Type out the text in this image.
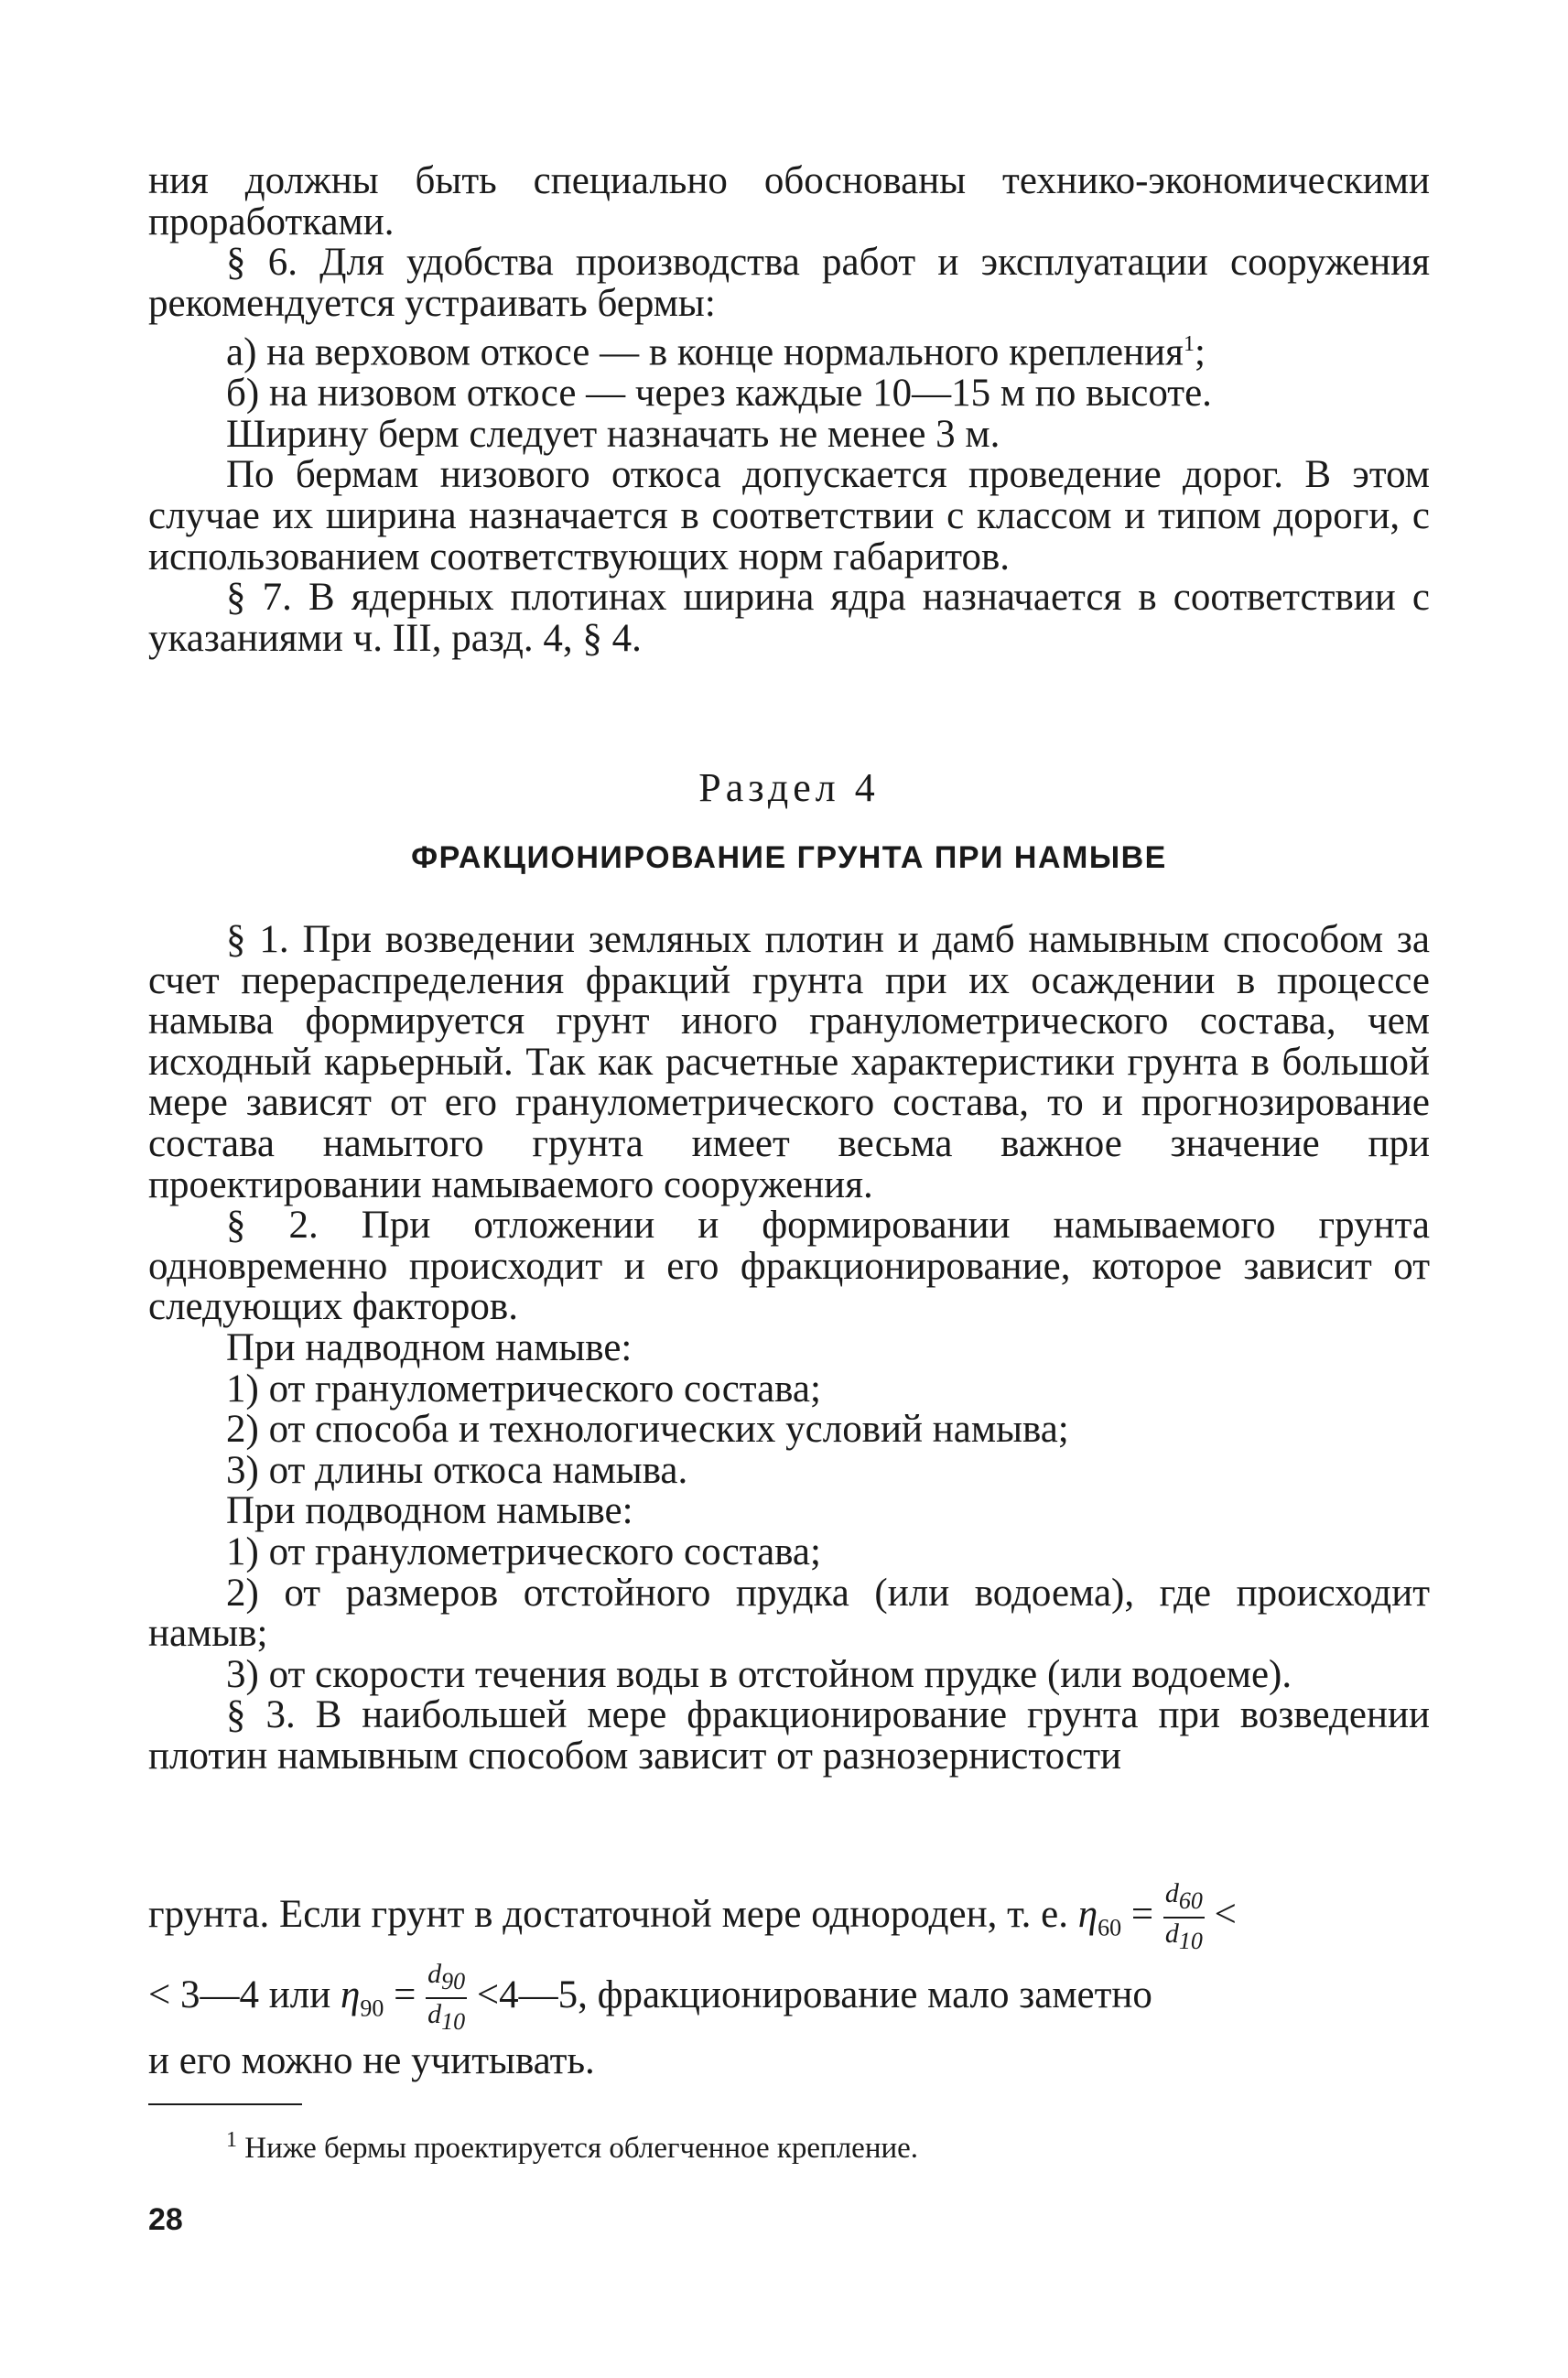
ния должны быть специально обоснованы технико-экономическими проработками.

§ 6. Для удобства производства работ и эксплуатации сооружения рекомендуется устраивать бермы:

а) на верховом откосе — в конце нормального крепления$^1$;

б) на низовом откосе — через каждые 10—15 м по высоте.

Ширину берм следует назначать не менее 3 м.

По бермам низового откоса допускается проведение дорог. В этом случае их ширина назначается в соответствии с классом и типом дороги, с использованием соответствующих норм габаритов.

§ 7. В ядерных плотинах ширина ядра назначается в соответствии с указаниями ч. III, разд. 4, § 4.

Раздел 4
ФРАКЦИОНИРОВАНИЕ ГРУНТА ПРИ НАМЫВЕ

§ 1. При возведении земляных плотин и дамб намывным способом за счет перераспределения фракций грунта при их осаждении в процессе намыва формируется грунт иного гранулометрического состава, чем исходный карьерный. Так как расчетные характеристики грунта в большой мере зависят от его гранулометрического состава, то и прогнозирование состава намытого грунта имеет весьма важное значение при проектировании намываемого сооружения.

§ 2. При отложении и формировании намываемого грунта одновременно происходит и его фракционирование, которое зависит от следующих факторов.

При надводном намыве:

1) от гранулометрического состава;

2) от способа и технологических условий намыва;

3) от длины откоса намыва.

При подводном намыве:

1) от гранулометрического состава;

2) от размеров отстойного прудка (или водоема), где происходит намыв;

3) от скорости течения воды в отстойном прудке (или водоеме).

§ 3. В наибольшей мере фракционирование грунта при возведении плотин намывным способом зависит от разнозернистости

грунта. Если грунт в достаточной мере однороден, т. е. $\eta_{60} = \frac{d_{60}}{d_{10}}$ <
< 3—4 или $\eta_{90} = \frac{d_{90}}{d_{10}}$ <4—5, фракционирование мало заметно
и его можно не учитывать.
$^1$ Ниже бермы проектируется облегченное крепление.
28
